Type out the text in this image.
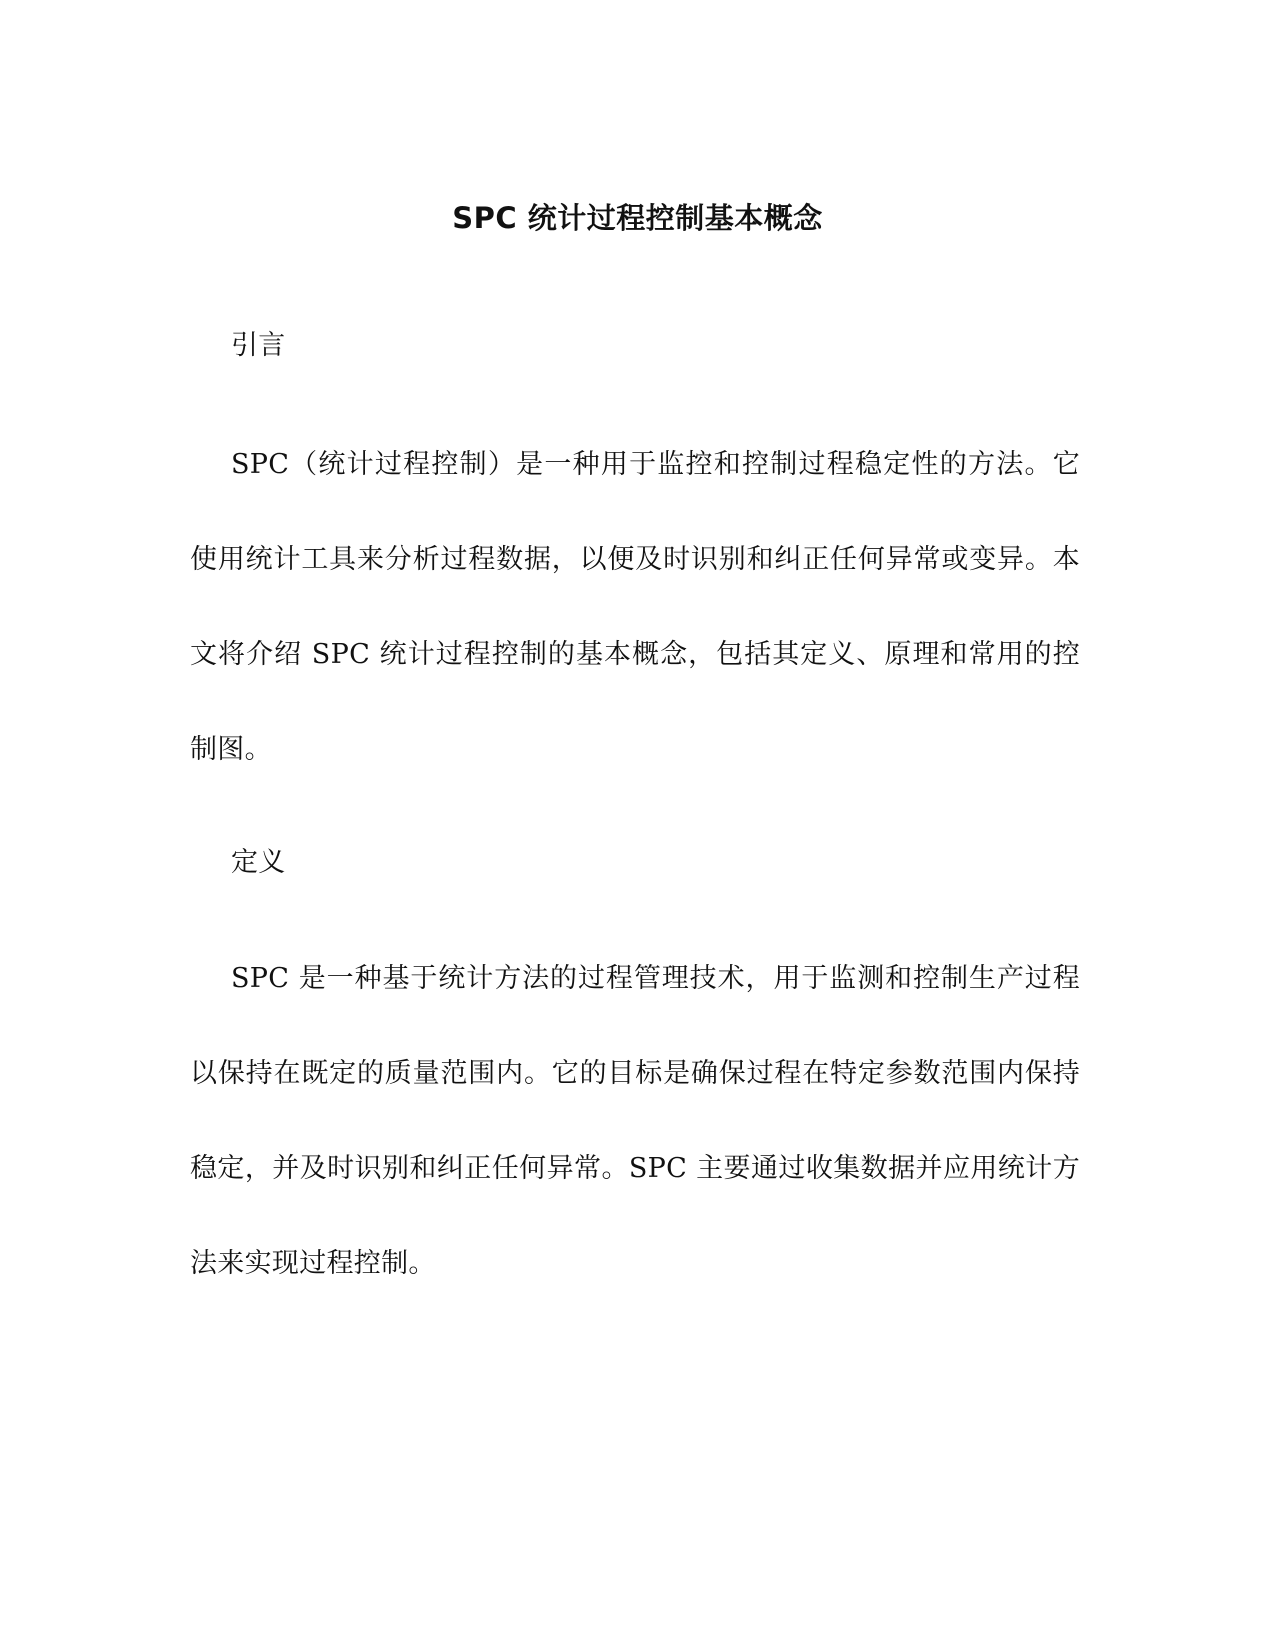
SPC 统计过程控制基本概念
引言
SPC（统计过程控制）是一种用于监控和控制过程稳定性的方法。它使用统计工具来分析过程数据，以便及时识别和纠正任何异常或变异。本文将介绍 SPC 统计过程控制的基本概念，包括其定义、原理和常用的控制图。
定义
SPC 是一种基于统计方法的过程管理技术，用于监测和控制生产过程以保持在既定的质量范围内。它的目标是确保过程在特定参数范围内保持稳定，并及时识别和纠正任何异常。SPC 主要通过收集数据并应用统计方法来实现过程控制。
